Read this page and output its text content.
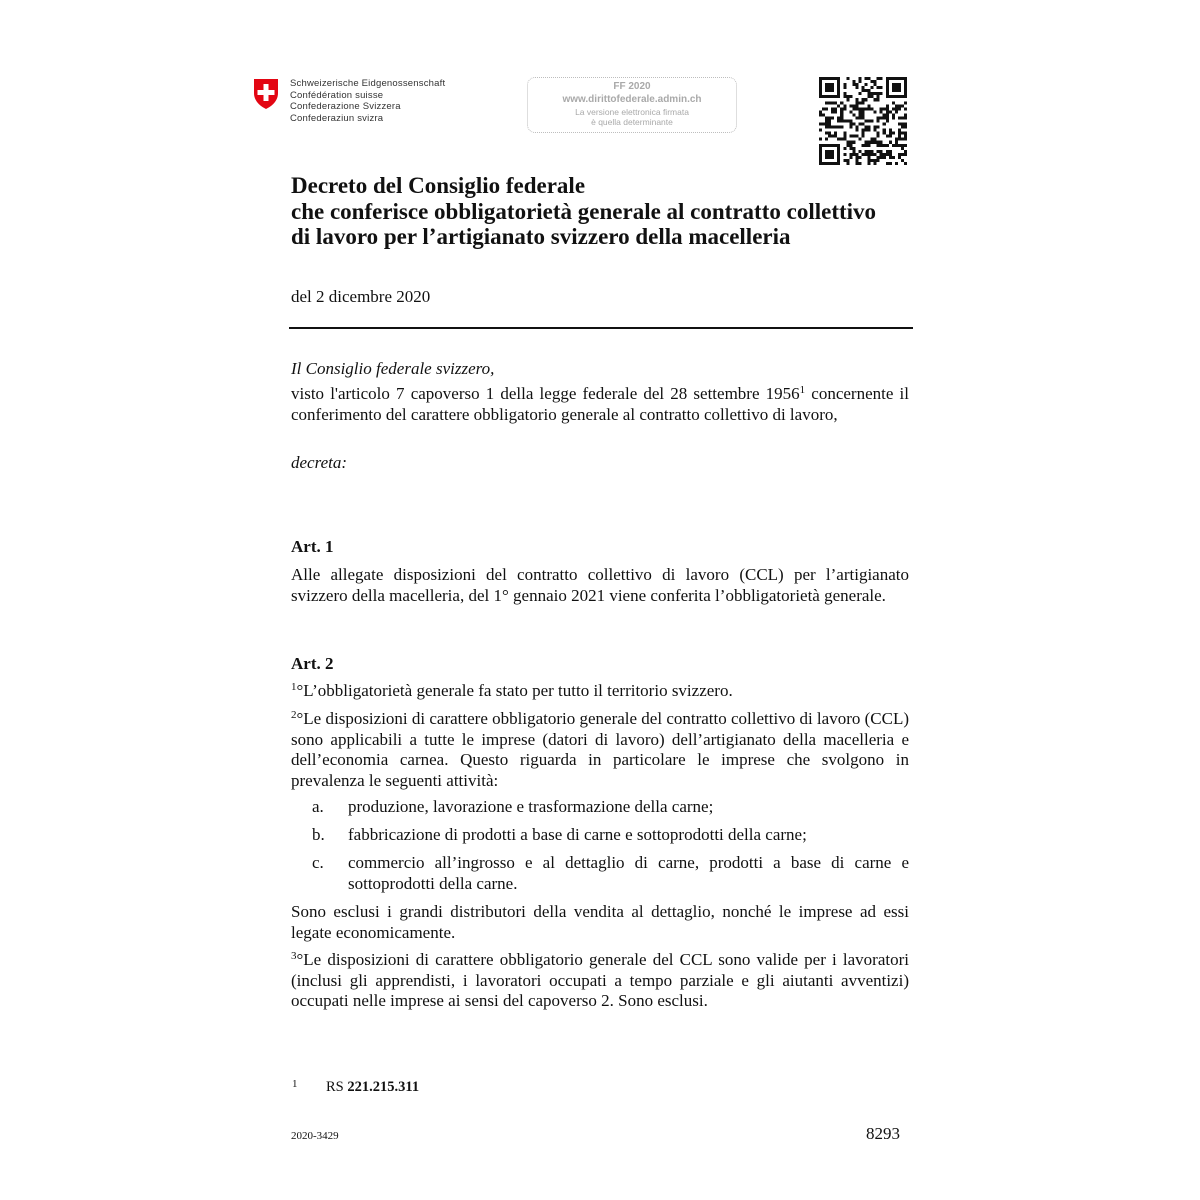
Schweizerische Eidgenossenschaft
Confédération suisse
Confederazione Svizzera
Confederaziun svizra
FF 2020
www.dirittofederale.admin.ch
La versione elettronica firmata
è quella determinante
Decreto del Consiglio federale
che conferisce obbligatorietà generale al contratto collettivo
di lavoro per l’artigianato svizzero della macelleria
del 2 dicembre 2020
Il Consiglio federale svizzero,
visto l'articolo 7 capoverso 1 della legge federale del 28 settembre 1956$^1$ concernente il conferimento del carattere obbligatorio generale al contratto collettivo di lavoro,
decreta:
Art. 1
Alle allegate disposizioni del contratto collettivo di lavoro (CCL) per l’artigianato svizzero della macelleria, del 1° gennaio 2021 viene conferita l’obbligatorietà generale.
Art. 2
$^1$°L’obbligatorietà generale fa stato per tutto il territorio svizzero.
$^2$°Le disposizioni di carattere obbligatorio generale del contratto collettivo di lavoro (CCL) sono applicabili a tutte le imprese (datori di lavoro) dell’artigianato della macelleria e dell’economia carnea. Questo riguarda in particolare le imprese che svolgono in prevalenza le seguenti attività:
a. produzione, lavorazione e trasformazione della carne;
b. fabbricazione di prodotti a base di carne e sottoprodotti della carne;
c. commercio all’ingrosso e al dettaglio di carne, prodotti a base di carne e sottoprodotti della carne.
Sono esclusi i grandi distributori della vendita al dettaglio, nonché le imprese ad essi legate economicamente.
$^3$°Le disposizioni di carattere obbligatorio generale del CCL sono valide per i lavoratori (inclusi gli apprendisti, i lavoratori occupati a tempo parziale e gli aiutanti avventizi) occupati nelle imprese ai sensi del capoverso 2. Sono esclusi.
1 RS 221.215.311
2020-3429	8293
